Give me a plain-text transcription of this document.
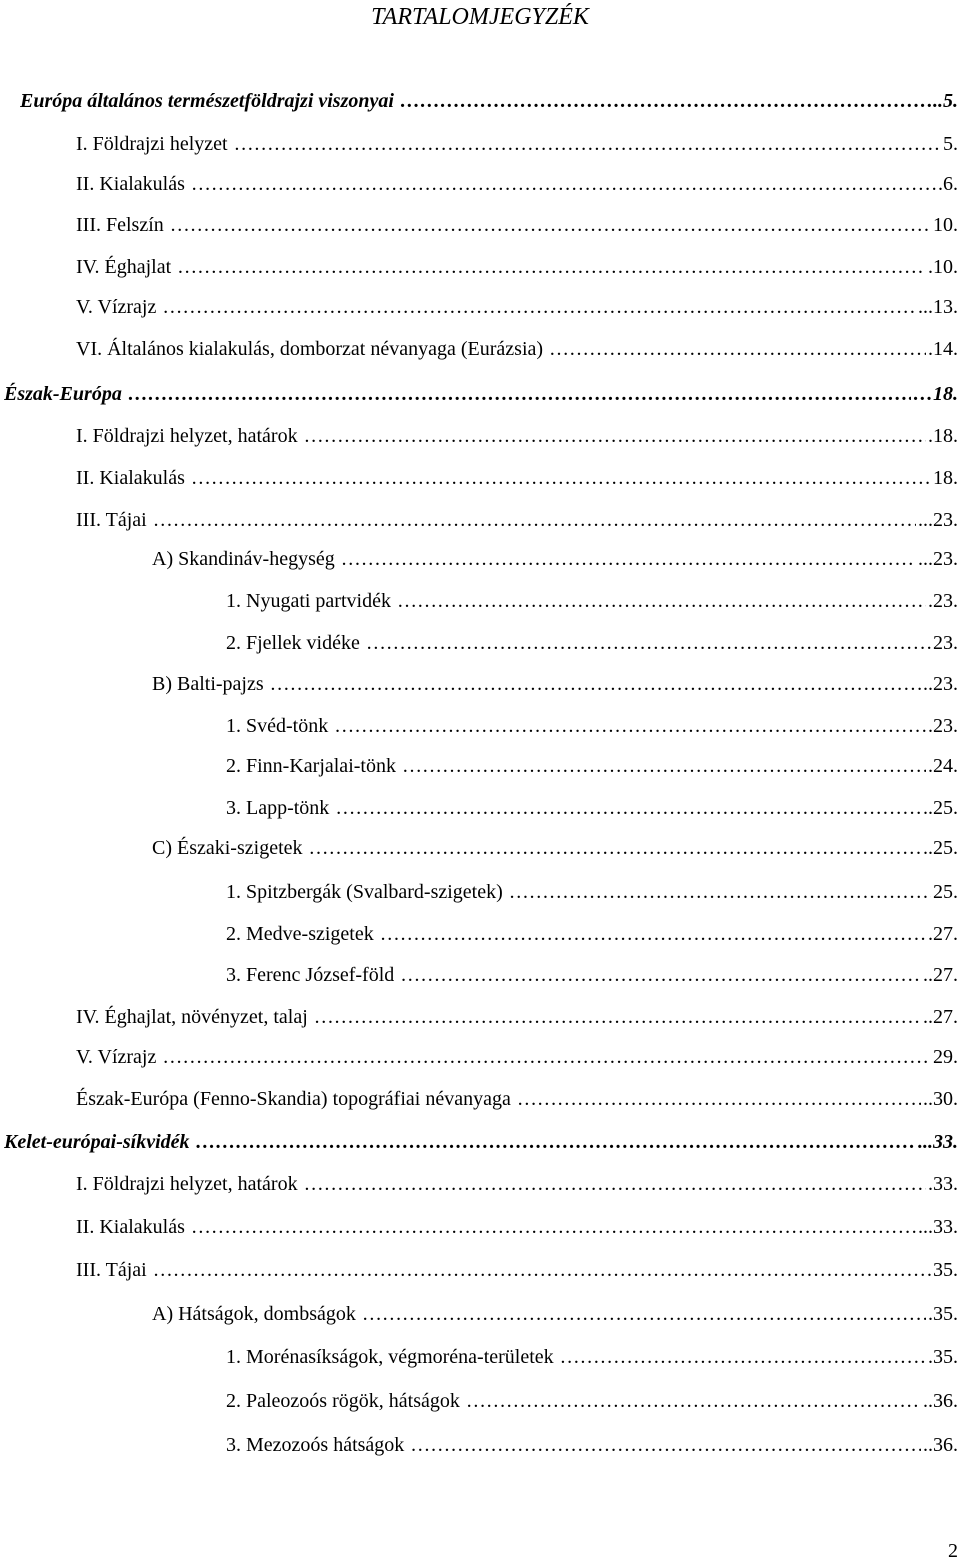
TARTALOMJEGYZÉK
Európa általános természetföldrajzi viszonyai ……………………………………………………………………………………………………………………………………………………………	..5.
I. Földrajzi helyzet ……………………………………………………………………………………………………………………………………………………………	5.
II. Kialakulás ……………………………………………………………………………………………………………………………………………………………	.6.
III. Felszín ……………………………………………………………………………………………………………………………………………………………	10.
IV. Éghajlat ……………………………………………………………………………………………………………………………………………………………	.10.
V. Vízrajz ……………………………………………………………………………………………………………………………………………………………	...13.
VI. Általános kialakulás, domborzat névanyaga (Eurázsia) ……………………………………………………………………………………………………………………………………………………………	.14.
Észak-Európa ……………………………………………………………………………………………………………………………………………………………	…18.
I. Földrajzi helyzet, határok ……………………………………………………………………………………………………………………………………………………………	.18.
II. Kialakulás ……………………………………………………………………………………………………………………………………………………………	18.
III. Tájai ……………………………………………………………………………………………………………………………………………………………	...23.
A) Skandináv-hegység ……………………………………………………………………………………………………………………………………………………………	...23.
1. Nyugati partvidék ……………………………………………………………………………………………………………………………………………………………	.23.
2. Fjellek vidéke ……………………………………………………………………………………………………………………………………………………………	23.
B) Balti-pajzs ……………………………………………………………………………………………………………………………………………………………	..23.
1. Svéd-tönk ……………………………………………………………………………………………………………………………………………………………	.23.
2. Finn-Karjalai-tönk ……………………………………………………………………………………………………………………………………………………………	.24.
3. Lapp-tönk ……………………………………………………………………………………………………………………………………………………………	..25.
C) Északi-szigetek ……………………………………………………………………………………………………………………………………………………………	..25.
1. Spitzbergák (Svalbard-szigetek) ……………………………………………………………………………………………………………………………………………………………	25.
2. Medve-szigetek ……………………………………………………………………………………………………………………………………………………………	.27.
3. Ferenc József-föld ……………………………………………………………………………………………………………………………………………………………	..27.
IV. Éghajlat, növényzet, talaj ……………………………………………………………………………………………………………………………………………………………	..27.
V. Vízrajz ……………………………………………………………………………………………………………………………………………………………	29.
Észak-Európa (Fenno-Skandia) topográfiai névanyaga ……………………………………………………………………………………………………………………………………………………………	..30.
Kelet-európai-síkvidék ……………………………………………………………………………………………………………………………………………………………	...33.
I. Földrajzi helyzet, határok ……………………………………………………………………………………………………………………………………………………………	.33.
II. Kialakulás ……………………………………………………………………………………………………………………………………………………………	...33.
III. Tájai ……………………………………………………………………………………………………………………………………………………………	35.
A) Hátságok, dombságok ……………………………………………………………………………………………………………………………………………………………	.35.
1. Morénasíkságok, végmoréna-területek ……………………………………………………………………………………………………………………………………………………………	.35.
2. Paleozoós rögök, hátságok ……………………………………………………………………………………………………………………………………………………………	..36.
3. Mezozoós hátságok ……………………………………………………………………………………………………………………………………………………………	..36.
2
